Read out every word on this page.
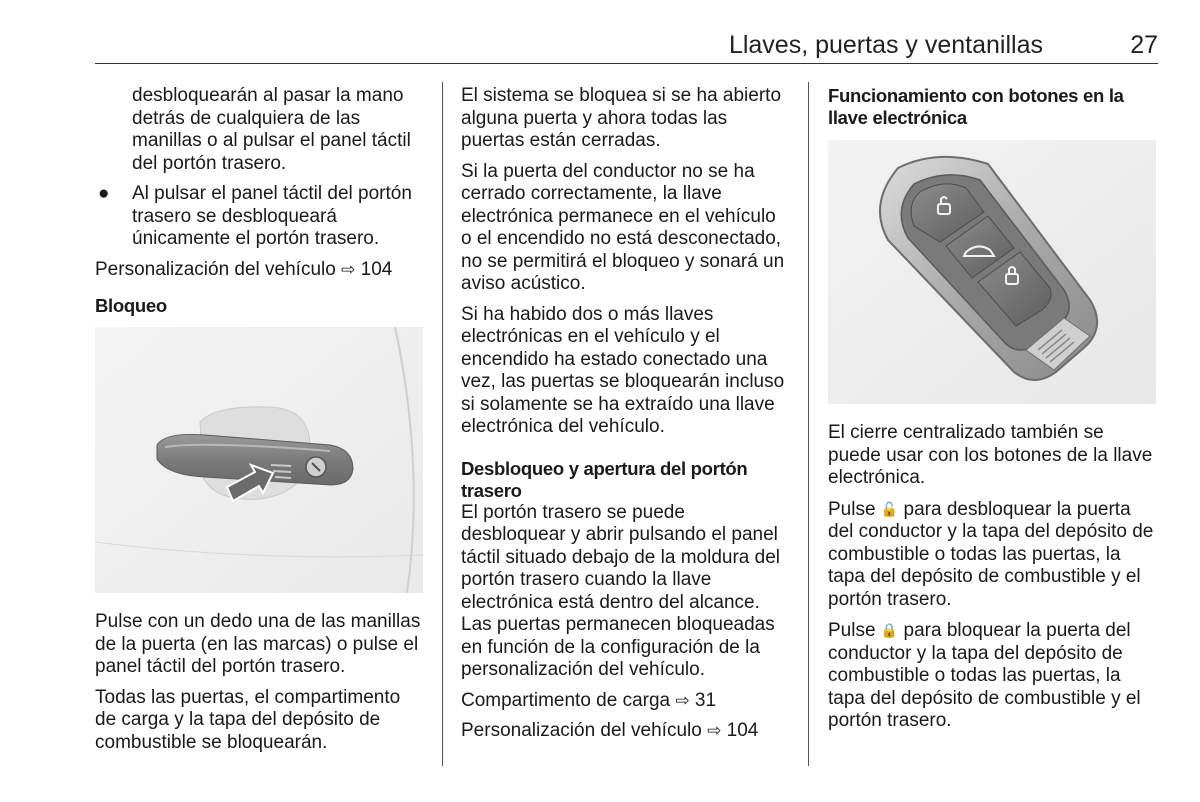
Llaves, puertas y ventanillas	27

desbloquearán al pasar la mano detrás de cualquiera de las manillas o al pulsar el panel táctil del portón trasero.

● Al pulsar el panel táctil del portón trasero se desbloqueará únicamente el portón trasero.

Personalización del vehículo ⇨ 104

Bloqueo

Pulse con un dedo una de las manillas de la puerta (en las marcas) o pulse el panel táctil del portón trasero.

Todas las puertas, el compartimento de carga y la tapa del depósito de combustible se bloquearán.

El sistema se bloquea si se ha abierto alguna puerta y ahora todas las puertas están cerradas.

Si la puerta del conductor no se ha cerrado correctamente, la llave electrónica permanece en el vehículo o el encendido no está desconectado, no se permitirá el bloqueo y sonará un aviso acústico.

Si ha habido dos o más llaves electrónicas en el vehículo y el encendido ha estado conectado una vez, las puertas se bloquearán incluso si solamente se ha extraído una llave electrónica del vehículo.

Desbloqueo y apertura del portón trasero

El portón trasero se puede desbloquear y abrir pulsando el panel táctil situado debajo de la moldura del portón trasero cuando la llave electrónica está dentro del alcance. Las puertas permanecen bloqueadas en función de la configuración de la personalización del vehículo.

Compartimento de carga ⇨ 31

Personalización del vehículo ⇨ 104

Funcionamiento con botones en la llave electrónica

El cierre centralizado también se puede usar con los botones de la llave electrónica.

Pulse 🔓 para desbloquear la puerta del conductor y la tapa del depósito de combustible o todas las puertas, la tapa del depósito de combustible y el portón trasero.

Pulse 🔒 para bloquear la puerta del conductor y la tapa del depósito de combustible o todas las puertas, la tapa del depósito de combustible y el portón trasero.
